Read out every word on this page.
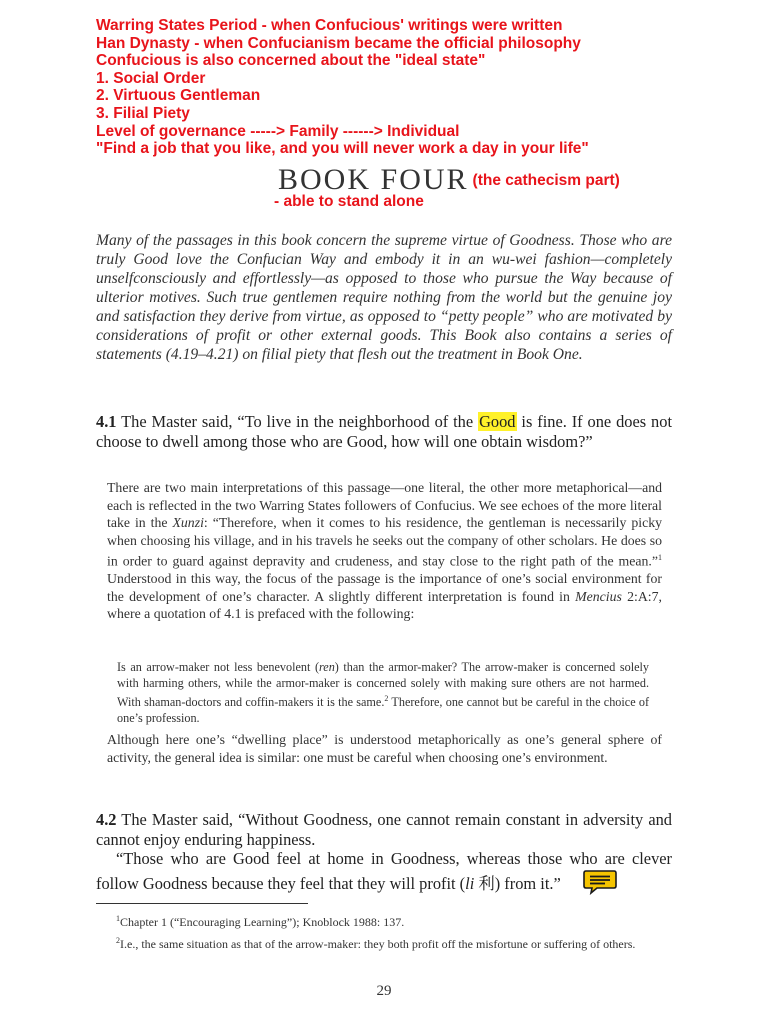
Warring States Period - when Confucious' writings were written
Han Dynasty - when Confucianism became the official philosophy
Confucious is also concerned about the "ideal state"
1. Social Order
2. Virtuous Gentleman
3. Filial Piety
Level of governance -----> Family ------> Individual
"Find a job that you like, and you will never work a day in your life"
BOOK FOUR (the cathecism part)
- able to stand alone
Many of the passages in this book concern the supreme virtue of Goodness. Those who are truly Good love the Confucian Way and embody it in an wu-wei fashion—completely unselfconsciously and effortlessly—as opposed to those who pursue the Way because of ulterior motives. Such true gentlemen require nothing from the world but the genuine joy and satisfaction they derive from virtue, as opposed to “petty people” who are motivated by considerations of profit or other external goods. This Book also contains a series of statements (4.19–4.21) on filial piety that flesh out the treatment in Book One.
4.1 The Master said, “To live in the neighborhood of the Good is fine. If one does not choose to dwell among those who are Good, how will one obtain wisdom?”
There are two main interpretations of this passage—one literal, the other more metaphorical—and each is reflected in the two Warring States followers of Confucius. We see echoes of the more literal take in the Xunzi: “Therefore, when it comes to his residence, the gentleman is necessarily picky when choosing his village, and in his travels he seeks out the company of other scholars. He does so in order to guard against depravity and crudeness, and stay close to the right path of the mean.”$^1$ Understood in this way, the focus of the passage is the importance of one’s social environment for the development of one’s character. A slightly different interpretation is found in Mencius 2:A:7, where a quotation of 4.1 is prefaced with the following:
Is an arrow-maker not less benevolent (ren) than the armor-maker? The arrow-maker is concerned solely with harming others, while the armor-maker is concerned solely with making sure others are not harmed. With shaman-doctors and coffin-makers it is the same.$^2$ Therefore, one cannot but be careful in the choice of one’s profession.
Although here one’s “dwelling place” is understood metaphorically as one’s general sphere of activity, the general idea is similar: one must be careful when choosing one’s environment.
4.2 The Master said, “Without Goodness, one cannot remain constant in adversity and cannot enjoy enduring happiness.
“Those who are Good feel at home in Goodness, whereas those who are clever follow Goodness because they feel that they will profit (li 利) from it.”
$^1$Chapter 1 (“Encouraging Learning”); Knoblock 1988: 137.
$^2$I.e., the same situation as that of the arrow-maker: they both profit off the misfortune or suffering of others.
29
